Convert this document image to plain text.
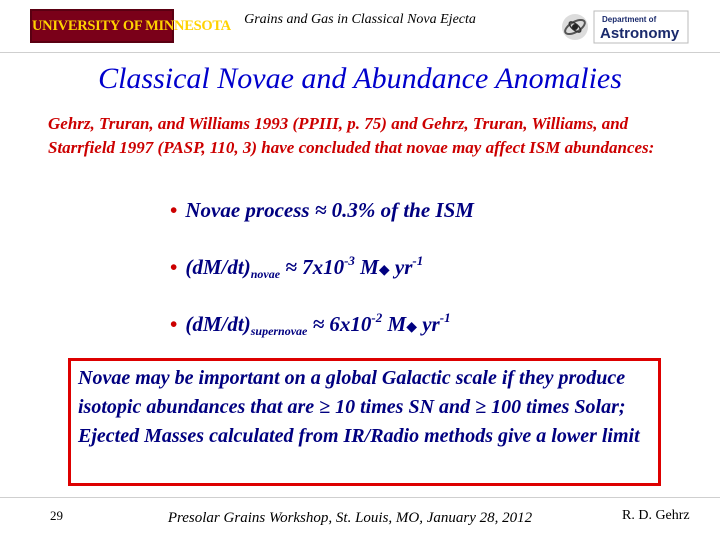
UNIVERSITY OF MINNESOTA Grains and Gas in Classical Nova Ejecta	Department of
Astronomy
Classical Novae and Abundance Anomalies
Gehrz, Truran, and Williams 1993 (PPIII, p. 75) and Gehrz, Truran, Williams, and Starrfield 1997 (PASP, 110, 3) have concluded that novae may affect ISM abundances:
• Novae process ≈ 0.3% of the ISM
• $(dM/dt)_{novae} \approx 7x10^{-3}$ M◆ $yr^{-1}$
• $(dM/dt)_{supernovae} \approx 6x10^{-2}$ M◆ $yr^{-1}$
Novae may be important on a global Galactic scale if they produce isotopic abundances that are ≥ 10 times SN and ≥ 100 times Solar; Ejected Masses calculated from IR/Radio methods give a lower limit
29	Presolar Grains Workshop, St. Louis, MO, January 28, 2012	R. D. Gehrz
